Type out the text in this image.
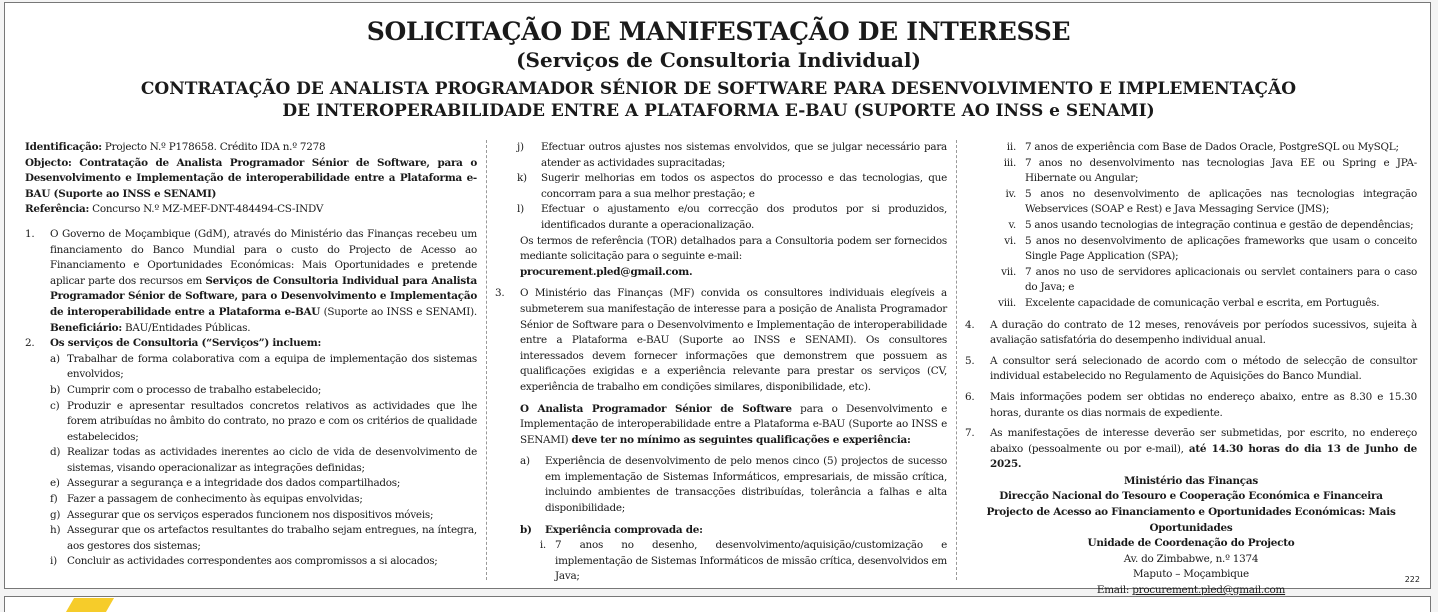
SOLICITAÇÃO DE MANIFESTAÇÃO DE INTERESSE
(Serviços de Consultoria Individual)
CONTRATAÇÃO DE ANALISTA PROGRAMADOR SÉNIOR DE SOFTWARE PARA DESENVOLVIMENTO E IMPLEMENTAÇÃO
DE INTEROPERABILIDADE ENTRE A PLATAFORMA E-BAU (SUPORTE AO INSS e SENAMI)
Identificação: Projecto N.º P178658. Crédito IDA n.º 7278
Objecto: Contratação de Analista Programador Sénior de Software, para o Desenvolvimento e Implementação de interoperabilidade entre a Plataforma e-BAU (Suporte ao INSS e SENAMI)
Referência: Concurso N.º MZ-MEF-DNT-484494-CS-INDV
1.	O Governo de Moçambique (GdM), através do Ministério das Finanças recebeu um financiamento do Banco Mundial para o custo do Projecto de Acesso ao Financiamento e Oportunidades Económicas: Mais Oportunidades e pretende aplicar parte dos recursos em Serviços de Consultoria Individual para Analista Programador Sénior de Software, para o Desenvolvimento e Implementação de interoperabilidade entre a Plataforma e-BAU (Suporte ao INSS e SENAMI). Beneficiário: BAU/Entidades Públicas.
2.	Os serviços de Consultoria (“Serviços”) incluem:
a) Trabalhar de forma colaborativa com a equipa de implementação dos sistemas envolvidos;
b) Cumprir com o processo de trabalho estabelecido;
c) Produzir e apresentar resultados concretos relativos as actividades que lhe forem atribuídas no âmbito do contrato, no prazo e com os critérios de qualidade estabelecidos;
d) Realizar todas as actividades inerentes ao ciclo de vida de desenvolvimento de sistemas, visando operacionalizar as integrações definidas;
e) Assegurar a segurança e a integridade dos dados compartilhados;
f) Fazer a passagem de conhecimento às equipas envolvidas;
g) Assegurar que os serviços esperados funcionem nos dispositivos móveis;
h) Assegurar que os artefactos resultantes do trabalho sejam entregues, na íntegra, aos gestores dos sistemas;
i) Concluir as actividades correspondentes aos compromissos a si alocados;
j)	Efectuar outros ajustes nos sistemas envolvidos, que se julgar necessário para atender as actividades supracitadas;
k)	Sugerir melhorias em todos os aspectos do processo e das tecnologias, que concorram para a sua melhor prestação; e
l)	Efectuar o ajustamento e/ou correcção dos produtos por si produzidos, identificados durante a operacionalização.
Os termos de referência (TOR) detalhados para a Consultoria podem ser fornecidos mediante solicitação para o seguinte e-mail:
procurement.pled@gmail.com.
3.	O Ministério das Finanças (MF) convida os consultores individuais elegíveis a submeterem sua manifestação de interesse para a posição de Analista Programador Sénior de Software para o Desenvolvimento e Implementação de interoperabilidade entre a Plataforma e-BAU (Suporte ao INSS e SENAMI). Os consultores interessados devem fornecer informações que demonstrem que possuem as qualificações exigidas e a experiência relevante para prestar os serviços (CV, experiência de trabalho em condições similares, disponibilidade, etc).
O Analista Programador Sénior de Software para o Desenvolvimento e Implementação de interoperabilidade entre a Plataforma e-BAU (Suporte ao INSS e SENAMI) deve ter no mínimo as seguintes qualificações e experiência:
a)	Experiência de desenvolvimento de pelo menos cinco (5) projectos de sucesso em implementação de Sistemas Informáticos, empresariais, de missão crítica, incluindo ambientes de transacções distribuídas, tolerância a falhas e alta disponibilidade;
b)	Experiência comprovada de:
i. 7 anos no desenho, desenvolvimento/aquisição/customização e implementação de Sistemas Informáticos de missão crítica, desenvolvidos em Java;
ii. 7 anos de experiência com Base de Dados Oracle, PostgreSQL ou MySQL;
iii. 7 anos no desenvolvimento nas tecnologias Java EE ou Spring e JPA-Hibernate ou Angular;
iv. 5 anos no desenvolvimento de aplicações nas tecnologias integração Webservices (SOAP e Rest) e Java Messaging Service (JMS);
v. 5 anos usando tecnologias de integração continua e gestão de dependências;
vi. 5 anos no desenvolvimento de aplicações frameworks que usam o conceito Single Page Application (SPA);
vii. 7 anos no uso de servidores aplicacionais ou servlet containers para o caso do Java; e
viii. Excelente capacidade de comunicação verbal e escrita, em Português.
4.	A duração do contrato de 12 meses, renováveis por períodos sucessivos, sujeita à avaliação satisfatória do desempenho individual anual.
5.	A consultor será selecionado de acordo com o método de selecção de consultor individual estabelecido no Regulamento de Aquisições do Banco Mundial.
6.	Mais informações podem ser obtidas no endereço abaixo, entre as 8.30 e 15.30 horas, durante os dias normais de expediente.
7.	As manifestações de interesse deverão ser submetidas, por escrito, no endereço abaixo (pessoalmente ou por e-mail), até 14.30 horas do dia 13 de Junho de 2025.
Ministério das Finanças
Direcção Nacional do Tesouro e Cooperação Económica e Financeira
Projecto de Acesso ao Financiamento e Oportunidades Económicas: Mais Oportunidades
Unidade de Coordenação do Projecto
Av. do Zimbabwe, n.º 1374
Maputo – Moçambique
Email: procurement.pled@gmail.com
222
